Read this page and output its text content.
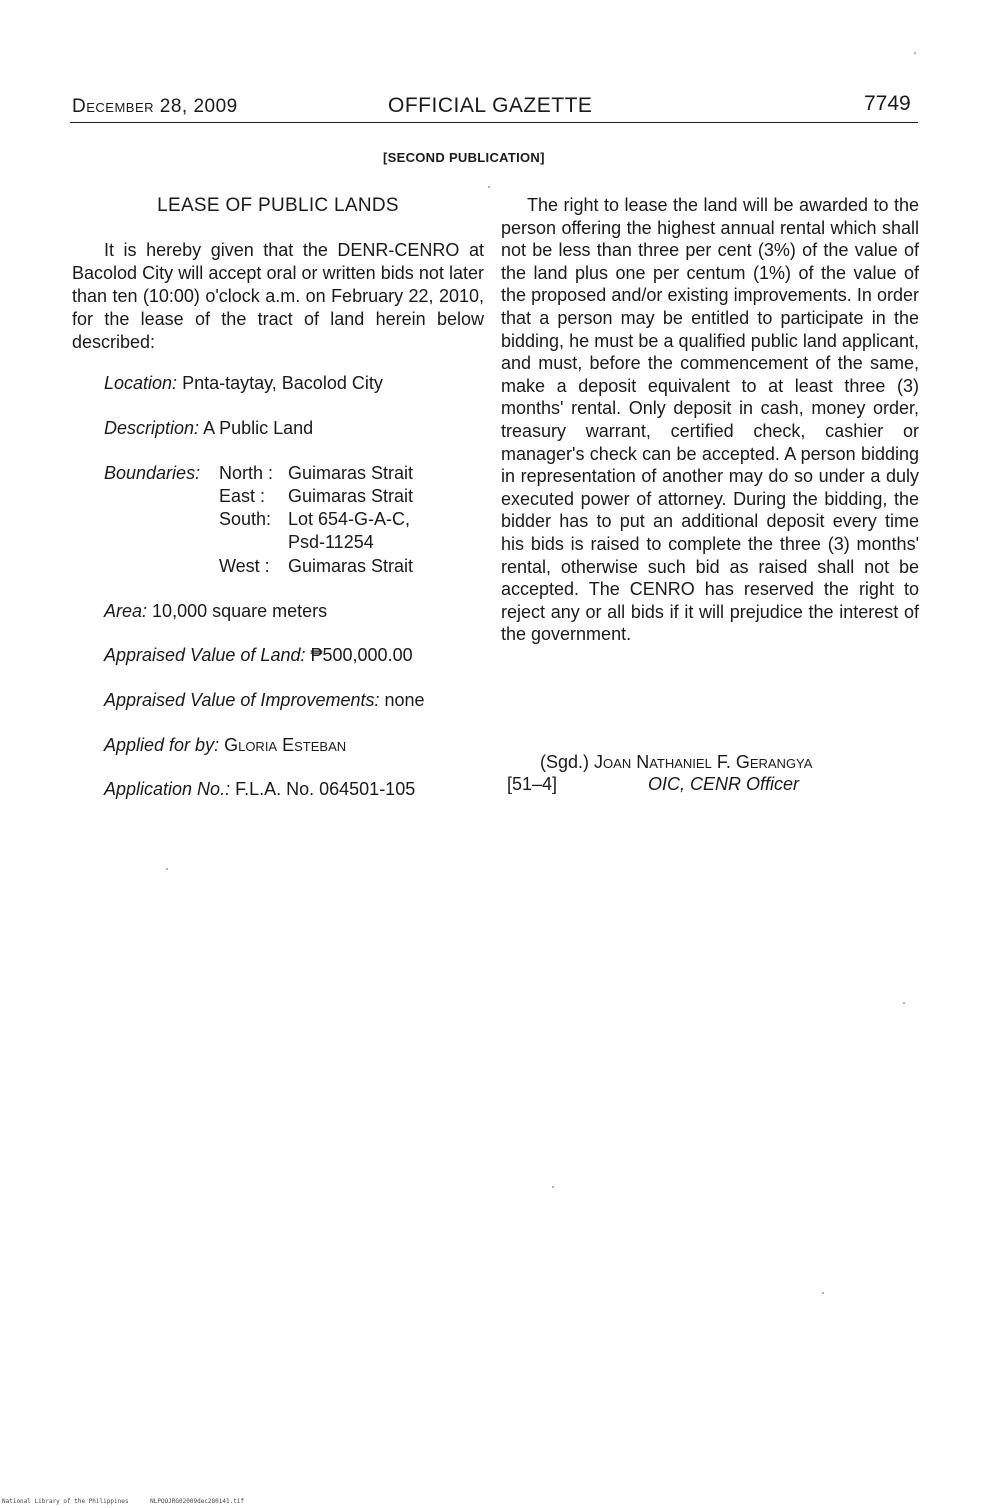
December 28, 2009	OFFICIAL GAZETTE	7749
[SECOND PUBLICATION]
LEASE OF PUBLIC LANDS

It is hereby given that the DENR-CENRO at Bacolod City will accept oral or written bids not later than ten (10:00) o'clock a.m. on February 22, 2010, for the lease of the tract of land herein below described:

Location: Pnta-taytay, Bacolod City
Description: A Public Land
Boundaries: North : Guimaras Strait
East : Guimaras Strait
South: Lot 654-G-A-C,
Psd-11254
West : Guimaras Strait
Area: 10,000 square meters
Appraised Value of Land: ₱500,000.00
Appraised Value of Improvements: none
Applied for by: Gloria Esteban
Application No.: F.L.A. No. 064501-105

The right to lease the land will be awarded to the person offering the highest annual rental which shall not be less than three per cent (3%) of the value of the land plus one per centum (1%) of the value of the proposed and/or existing improvements. In order that a person may be entitled to participate in the bidding, he must be a qualified public land applicant, and must, before the commencement of the same, make a deposit equivalent to at least three (3) months' rental. Only deposit in cash, money order, treasury warrant, certified check, cashier or manager's check can be accepted. A person bidding in representation of another may do so under a duly executed power of attorney. During the bidding, the bidder has to put an additional deposit every time his bids is raised to complete the three (3) months' rental, otherwise such bid as raised shall not be accepted. The CENRO has reserved the right to reject any or all bids if it will prejudice the interest of the government.

(Sgd.) Joan Nathaniel F. Gerangya
[51–4]	OIC, CENR Officer
National Library of the Philippines	NLPOOJRG02009dec280141.tif
